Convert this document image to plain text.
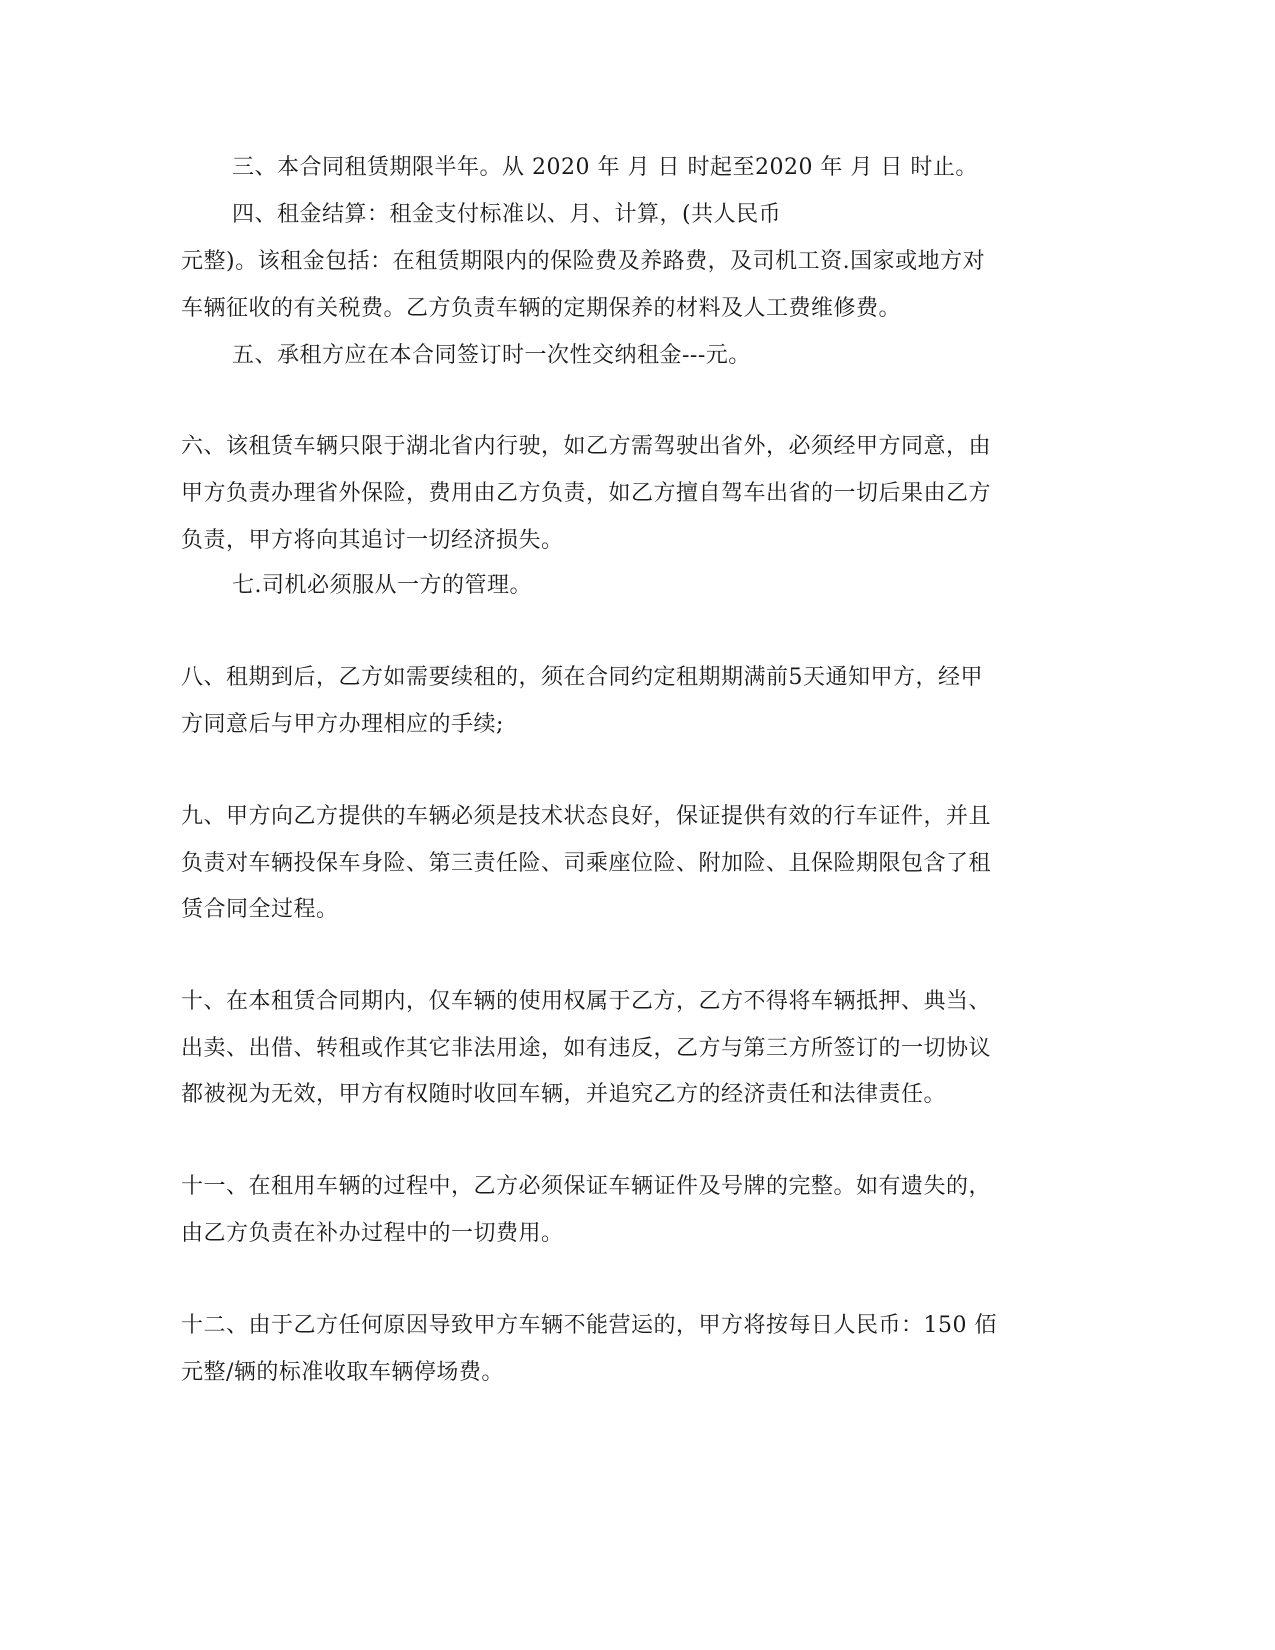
三、本合同租赁期限半年。从 2020 年 月 日 时起至2020 年 月 日 时止。
四、租金结算：租金支付标准以、月、计算，(共人民币
元整)。该租金包括：在租赁期限内的保险费及养路费，及司机工资.国家或地方对
车辆征收的有关税费。乙方负责车辆的定期保养的材料及人工费维修费。
五、承租方应在本合同签订时一次性交纳租金---元。
六、该租赁车辆只限于湖北省内行驶，如乙方需驾驶出省外，必须经甲方同意，由
甲方负责办理省外保险，费用由乙方负责，如乙方擅自驾车出省的一切后果由乙方
负责，甲方将向其追讨一切经济损失。
七.司机必须服从一方的管理。
八、租期到后，乙方如需要续租的，须在合同约定租期期满前5天通知甲方，经甲
方同意后与甲方办理相应的手续;
九、甲方向乙方提供的车辆必须是技术状态良好，保证提供有效的行车证件，并且
负责对车辆投保车身险、第三责任险、司乘座位险、附加险、且保险期限包含了租
赁合同全过程。
十、在本租赁合同期内，仅车辆的使用权属于乙方，乙方不得将车辆抵押、典当、
出卖、出借、转租或作其它非法用途，如有违反，乙方与第三方所签订的一切协议
都被视为无效，甲方有权随时收回车辆，并追究乙方的经济责任和法律责任。
十一、在租用车辆的过程中，乙方必须保证车辆证件及号牌的完整。如有遗失的，
由乙方负责在补办过程中的一切费用。
十二、由于乙方任何原因导致甲方车辆不能营运的，甲方将按每日人民币：150 佰
元整/辆的标准收取车辆停场费。
